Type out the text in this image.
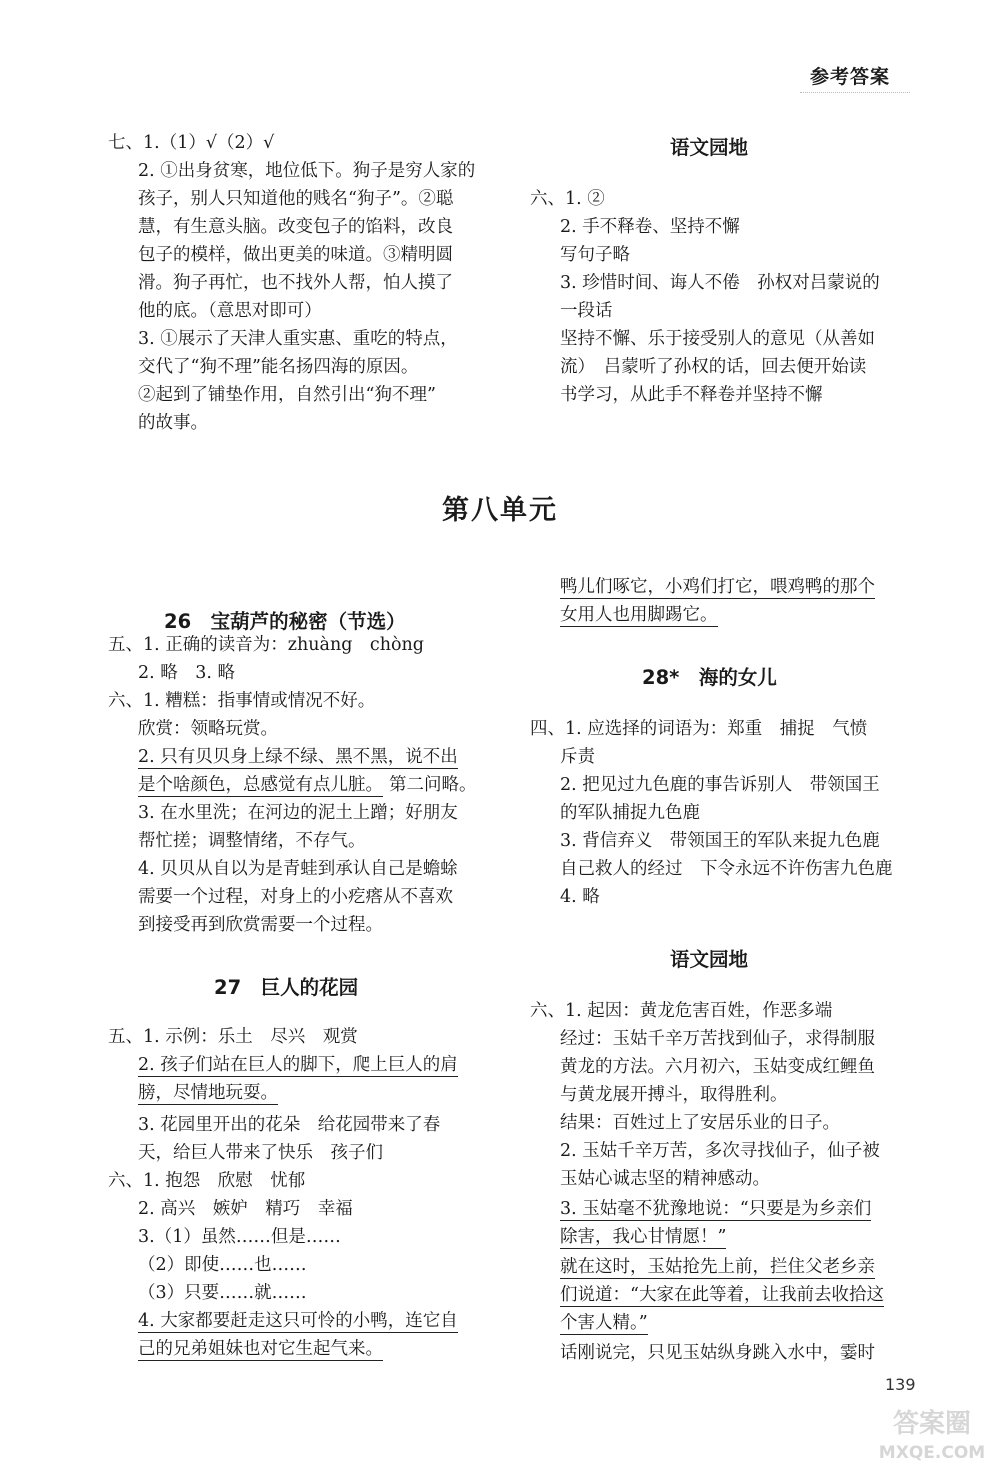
参考答案
七、1.（1）√（2）√
2. ①出身贫寒，地位低下。狗子是穷人家的
孩子，别人只知道他的贱名“狗子”。②聪
慧，有生意头脑。改变包子的馅料，改良
包子的模样，做出更美的味道。③精明圆
滑。狗子再忙，也不找外人帮，怕人摸了
他的底。（意思对即可）
3. ①展示了天津人重实惠、重吃的特点，
交代了“狗不理”能名扬四海的原因。
②起到了铺垫作用，自然引出“狗不理”
的故事。
语文园地
六、1. ②
2. 手不释卷、坚持不懈
写句子略
3. 珍惜时间、诲人不倦　孙权对吕蒙说的
一段话
坚持不懈、乐于接受别人的意见（从善如
流）　吕蒙听了孙权的话，回去便开始读
书学习，从此手不释卷并坚持不懈
第八单元
26　宝葫芦的秘密（节选）
五、1. 正确的读音为：zhuàng　chòng
2. 略　3. 略
六、1. 糟糕：指事情或情况不好。
欣赏：领略玩赏。
2. 只有贝贝身上绿不绿、黑不黑，说不出
是个啥颜色，总感觉有点儿脏。 第二问略。
3. 在水里洗；在河边的泥土上蹭；好朋友
帮忙搓；调整情绪，不存气。
4. 贝贝从自以为是青蛙到承认自己是蟾蜍
需要一个过程，对身上的小疙瘩从不喜欢
到接受再到欣赏需要一个过程。
27　巨人的花园
五、1. 示例：乐土　尽兴　观赏
2. 孩子们站在巨人的脚下，爬上巨人的肩
膀，尽情地玩耍。
3. 花园里开出的花朵　给花园带来了春
天，给巨人带来了快乐　孩子们
六、1. 抱怨　欣慰　忧郁
2. 高兴　嫉妒　精巧　幸福
3.（1）虽然……但是……
（2）即使……也……
（3）只要……就……
4. 大家都要赶走这只可怜的小鸭，连它自
己的兄弟姐妹也对它生起气来。
鸭儿们啄它，小鸡们打它，喂鸡鸭的那个
女用人也用脚踢它。
28*　海的女儿
四、1. 应选择的词语为：郑重　捕捉　气愤
斥责
2. 把见过九色鹿的事告诉别人　带领国王
的军队捕捉九色鹿
3. 背信弃义　带领国王的军队来捉九色鹿
自己救人的经过　下令永远不许伤害九色鹿
4. 略
语文园地
六、1. 起因：黄龙危害百姓，作恶多端
经过：玉姑千辛万苦找到仙子，求得制服
黄龙的方法。六月初六，玉姑变成红鲤鱼
与黄龙展开搏斗，取得胜利。
结果：百姓过上了安居乐业的日子。
2. 玉姑千辛万苦，多次寻找仙子，仙子被
玉姑心诚志坚的精神感动。
3. 玉姑毫不犹豫地说：“只要是为乡亲们
除害，我心甘情愿！”
就在这时，玉姑抢先上前，拦住父老乡亲
们说道：“大家在此等着，让我前去收拾这
个害人精。”
话刚说完，只见玉姑纵身跳入水中，霎时
139
答案圈
MXQE.COM
